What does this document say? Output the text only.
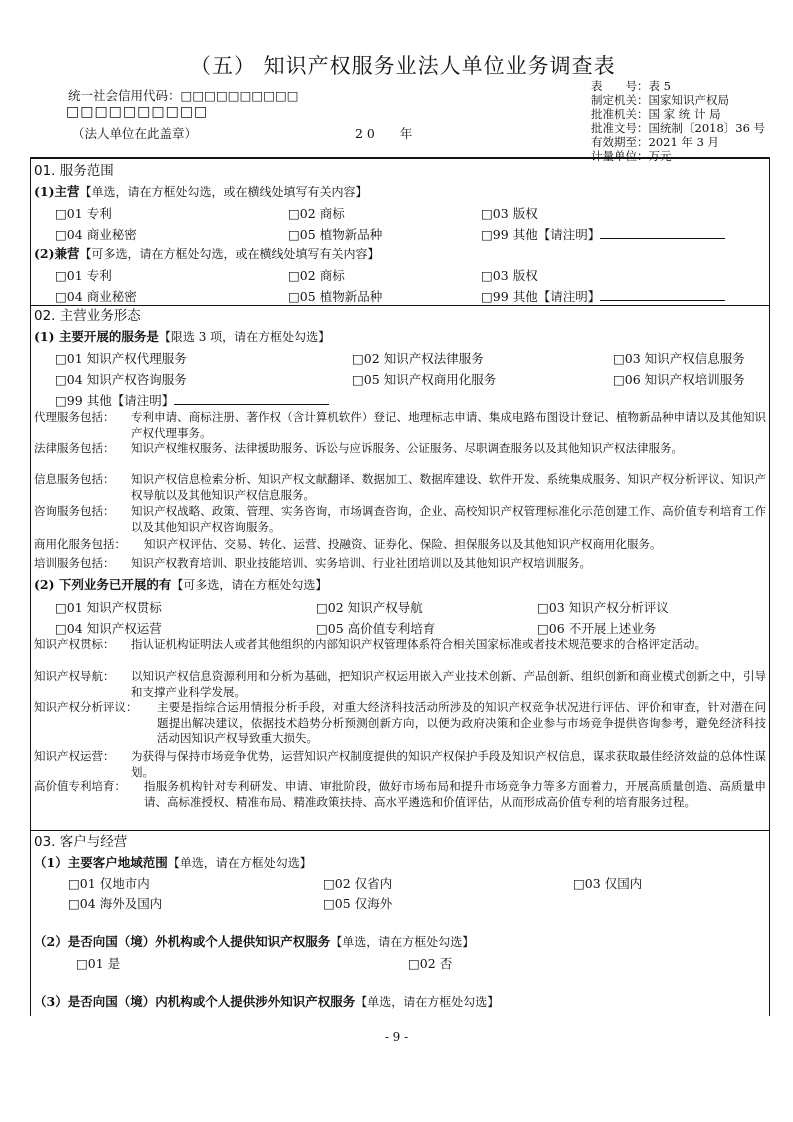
（五） 知识产权服务业法人单位业务调查表
统一社会信用代码：□□□□□□□□□□
□□□□□□□□□□
（法人单位在此盖章）	2 0　　年
表　　号：表 5
制定机关：国家知识产权局
批准机关：国 家 统 计 局
批准文号：国统制〔2018〕36 号
有效期至：2021 年 3 月
计量单位：万元
01. 服务范围
(1)主营【单选，请在方框处勾选，或在横线处填写有关内容】
□01 专利	□02 商标	□03 版权
□04 商业秘密	□05 植物新品种	□99 其他【请注明】
(2)兼营【可多选，请在方框处勾选，或在横线处填写有关内容】
□01 专利	□02 商标	□03 版权
□04 商业秘密	□05 植物新品种	□99 其他【请注明】
02. 主营业务形态
(1) 主要开展的服务是【限选 3 项，请在方框处勾选】
□01 知识产权代理服务	□02 知识产权法律服务	□03 知识产权信息服务
□04 知识产权咨询服务	□05 知识产权商用化服务	□06 知识产权培训服务
□99 其他【请注明】
代理服务包括： 专利申请、商标注册、著作权（含计算机软件）登记、地理标志申请、集成电路布图设计登记、植物新品种申请以及其他知识产权代理事务。
法律服务包括： 知识产权维权服务、法律援助服务、诉讼与应诉服务、公证服务、尽职调查服务以及其他知识产权法律服务。
信息服务包括： 知识产权信息检索分析、知识产权文献翻译、数据加工、数据库建设、软件开发、系统集成服务、知识产权分析评议、知识产权导航以及其他知识产权信息服务。
咨询服务包括： 知识产权战略、政策、管理、实务咨询，市场调查咨询，企业、高校知识产权管理标准化示范创建工作、高价值专利培育工作以及其他知识产权咨询服务。
商用化服务包括： 知识产权评估、交易、转化、运营、投融资、证券化、保险、担保服务以及其他知识产权商用化服务。
培训服务包括： 知识产权教育培训、职业技能培训、实务培训、行业社团培训以及其他知识产权培训服务。
(2) 下列业务已开展的有【可多选，请在方框处勾选】
□01 知识产权贯标	□02 知识产权导航	□03 知识产权分析评议
□04 知识产权运营	□05 高价值专利培育	□06 不开展上述业务
知识产权贯标： 指认证机构证明法人或者其他组织的内部知识产权管理体系符合相关国家标准或者技术规范要求的合格评定活动。
知识产权导航： 以知识产权信息资源利用和分析为基础，把知识产权运用嵌入产业技术创新、产品创新、组织创新和商业模式创新之中，引导和支撑产业科学发展。
知识产权分析评议： 主要是指综合运用情报分析手段，对重大经济科技活动所涉及的知识产权竞争状况进行评估、评价和审查，针对潜在问题提出解决建议，依据技术趋势分析预测创新方向，以便为政府决策和企业参与市场竞争提供咨询参考，避免经济科技活动因知识产权导致重大损失。
知识产权运营： 为获得与保持市场竞争优势，运营知识产权制度提供的知识产权保护手段及知识产权信息，谋求获取最佳经济效益的总体性谋划。
高价值专利培育： 指服务机构针对专利研发、申请、审批阶段，做好市场布局和提升市场竞争力等多方面着力，开展高质量创造、高质量申请、高标准授权、精准布局、精准政策扶持、高水平遴选和价值评估，从而形成高价值专利的培育服务过程。
03. 客户与经营
（1）主要客户地域范围【单选，请在方框处勾选】
□01 仅地市内	□02 仅省内	□03 仅国内
□04 海外及国内	□05 仅海外
（2）是否向国（境）外机构或个人提供知识产权服务【单选，请在方框处勾选】
□01 是	□02 否
（3）是否向国（境）内机构或个人提供涉外知识产权服务【单选，请在方框处勾选】
- 9 -
